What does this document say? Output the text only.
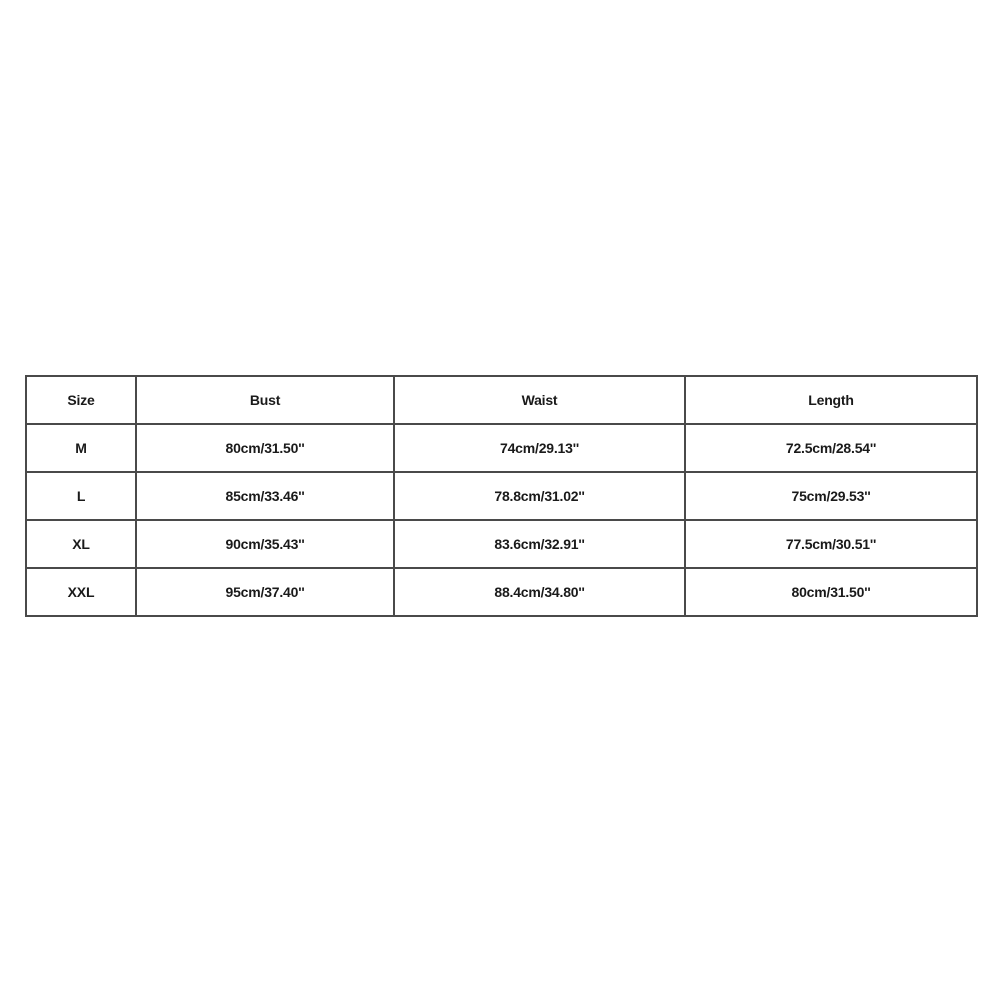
Size	Bust	Waist	Length
M	80cm/31.50''	74cm/29.13''	72.5cm/28.54''
L	85cm/33.46''	78.8cm/31.02''	75cm/29.53''
XL	90cm/35.43''	83.6cm/32.91''	77.5cm/30.51''
XXL	95cm/37.40''	88.4cm/34.80''	80cm/31.50''
